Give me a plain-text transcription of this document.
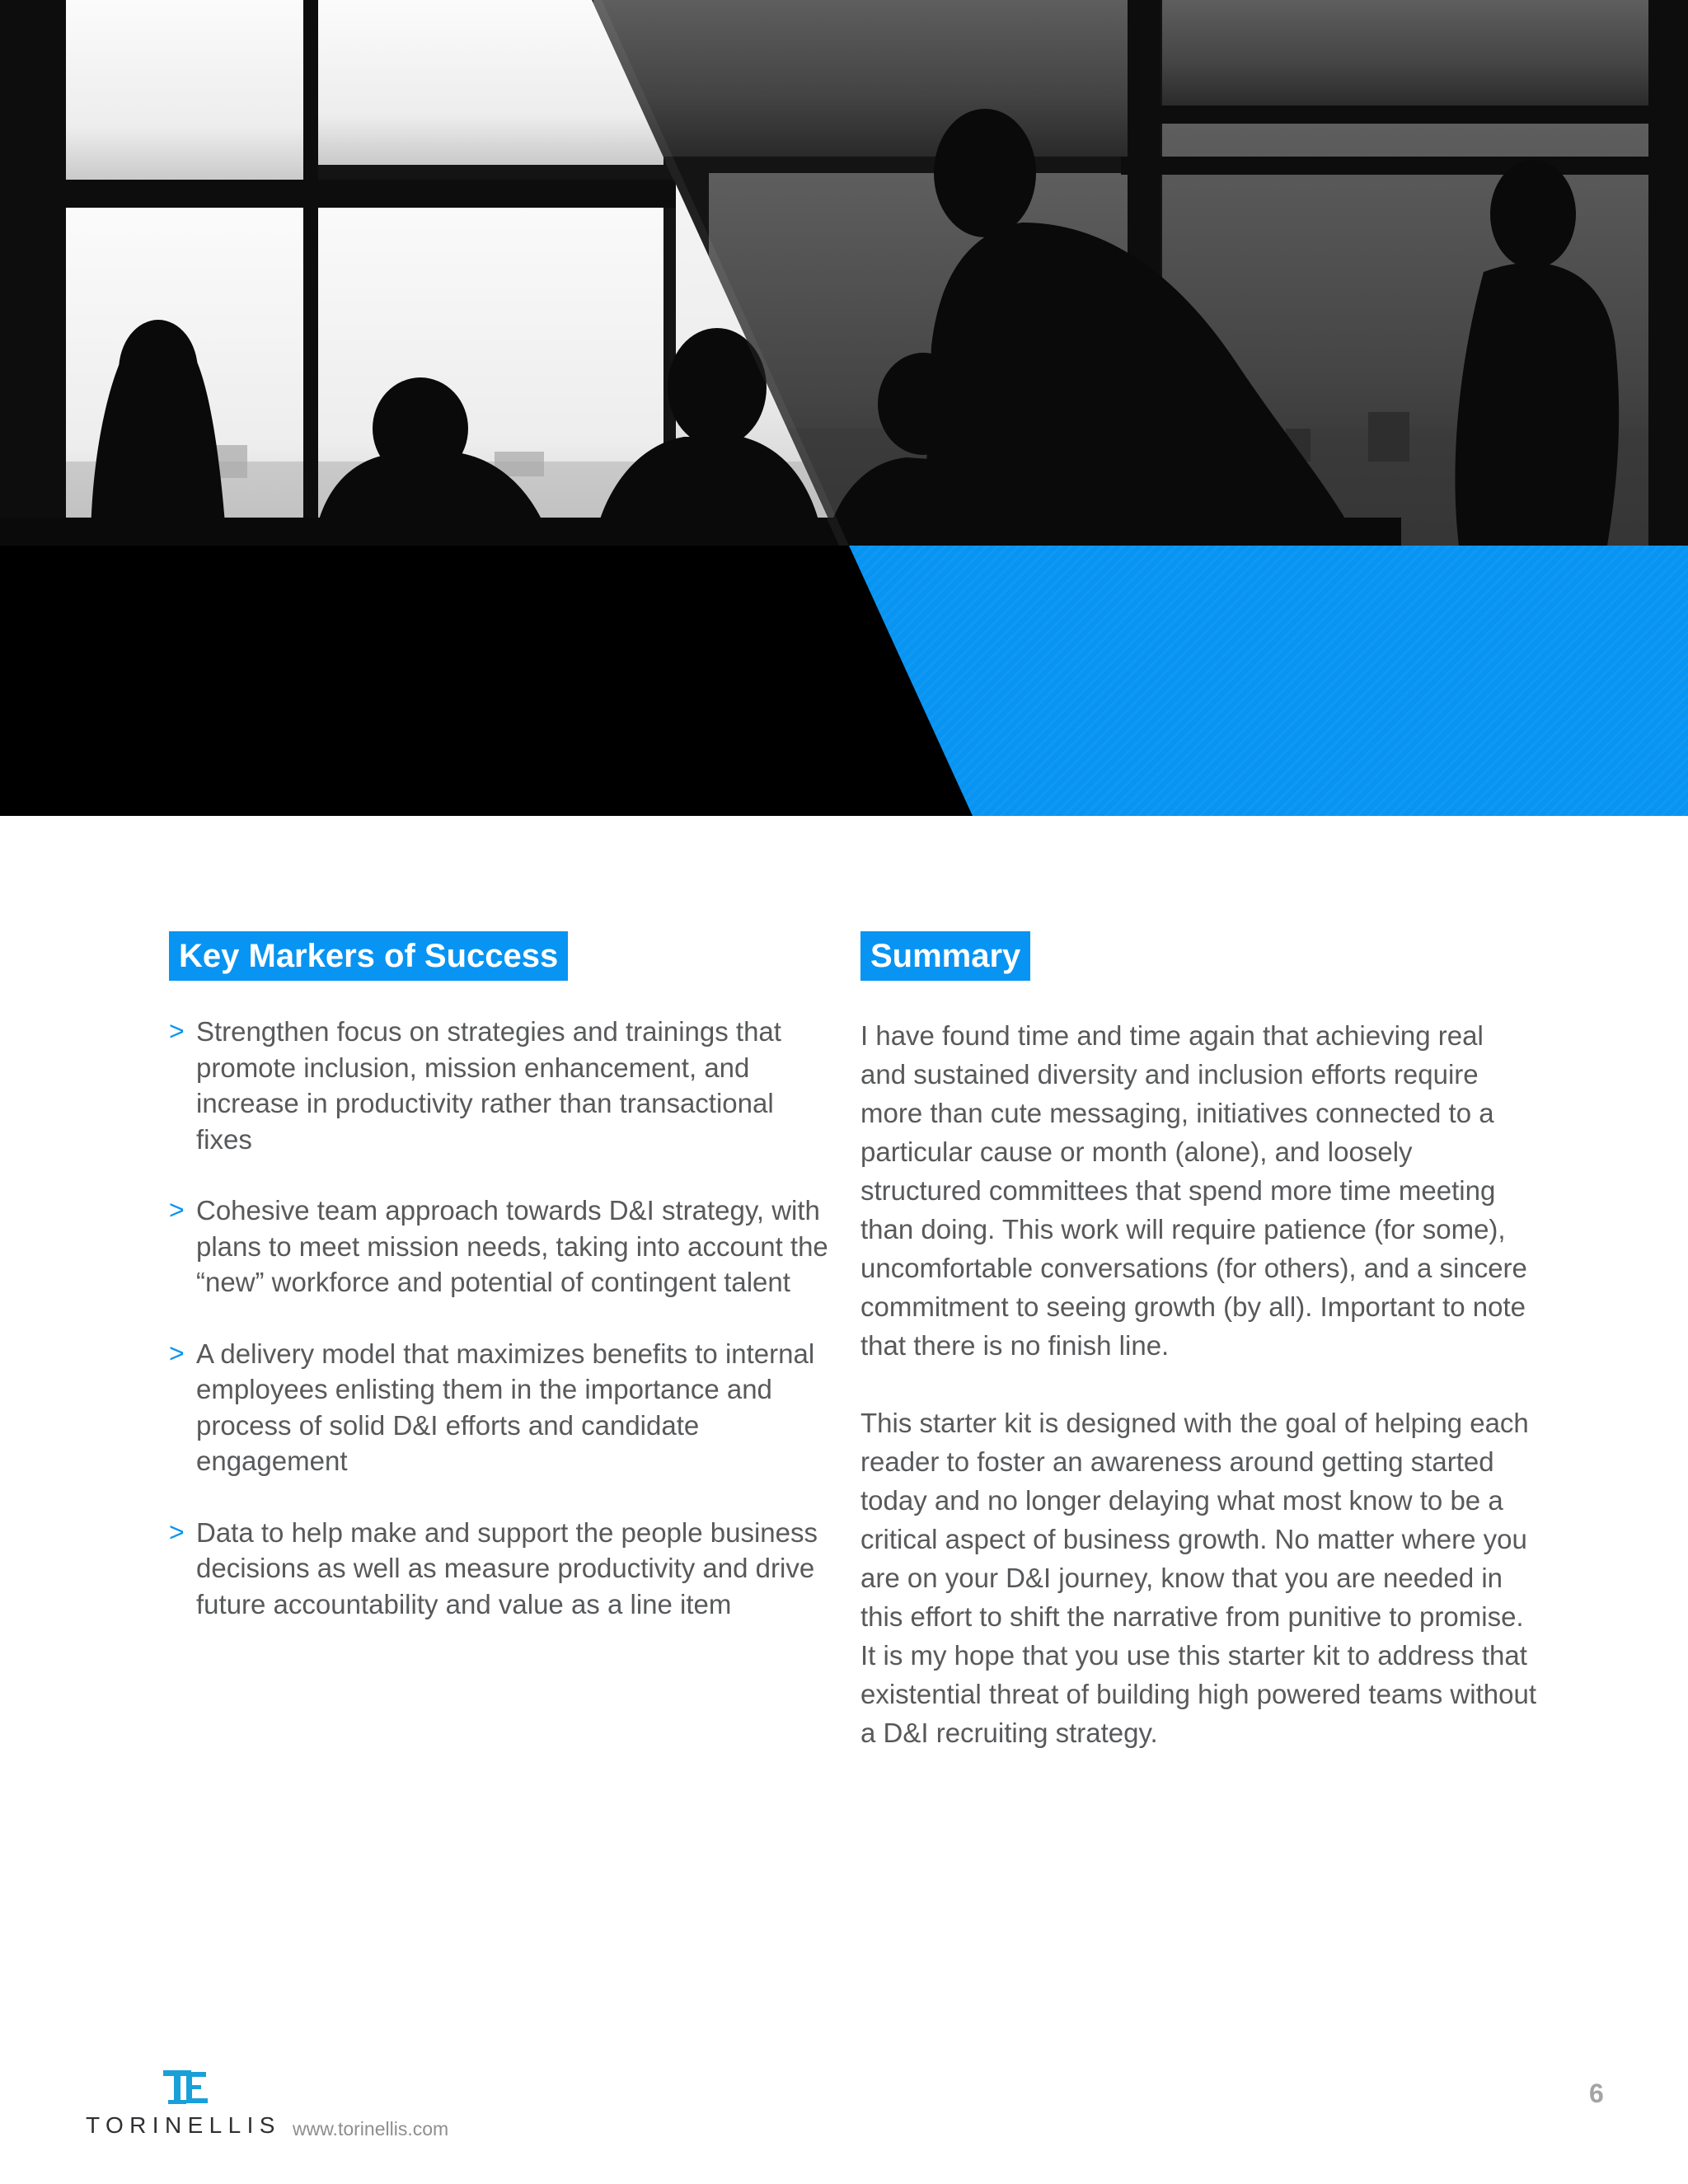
Key Markers of Success
> Strengthen focus on strategies and trainings that promote inclusion, mission enhancement, and increase in productivity rather than transactional fixes
> Cohesive team approach towards D&I strategy, with plans to meet mission needs, taking into account the “new” workforce and potential of contingent talent
> A delivery model that maximizes benefits to internal employees enlisting them in the importance and process of solid D&I efforts and candidate engagement
> Data to help make and support the people business decisions as well as measure productivity and drive future accountability and value as a line item
Summary

I have found time and time again that achieving real and sustained diversity and inclusion efforts require more than cute messaging, initiatives connected to a particular cause or month (alone), and loosely structured committees that spend more time meeting than doing. This work will require patience (for some), uncomfortable conversations (for others), and a sincere commitment to seeing growth (by all). Important to note that there is no finish line.

This starter kit is designed with the goal of helping each reader to foster an awareness around getting started today and no longer delaying what most know to be a critical aspect of business growth. No matter where you are on your D&I journey, know that you are needed in this effort to shift the narrative from punitive to promise. It is my hope that you use this starter kit to address that existential threat of building high powered teams without a D&I recruiting strategy.

TORINELLIS www.torinellis.com
6
